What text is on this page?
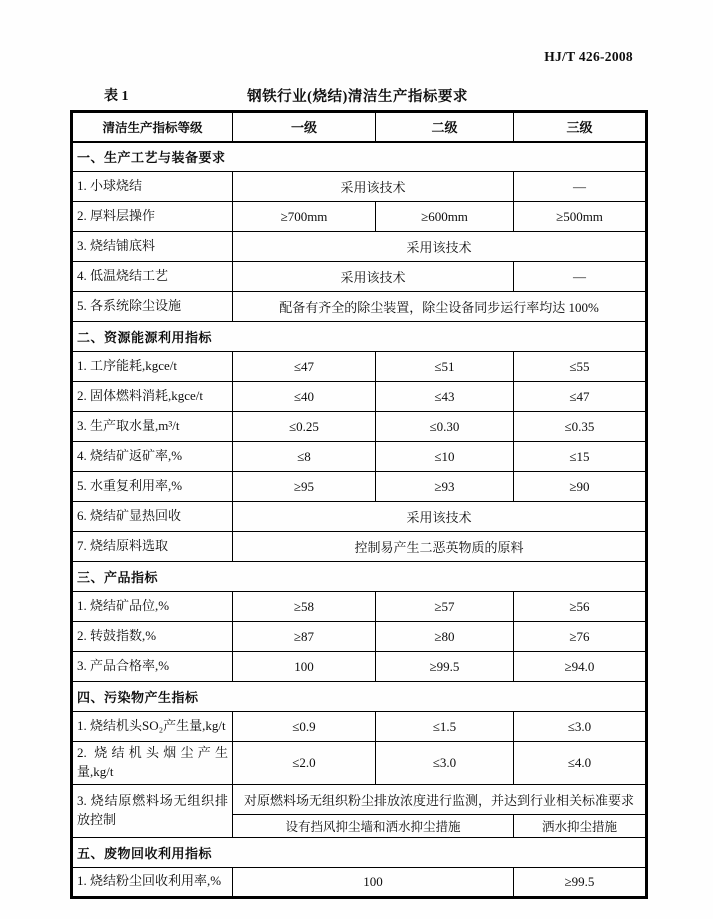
HJ/T 426-2008
表 1	钢铁行业(烧结)清洁生产指标要求
清洁生产指标等级	一级	二级	三级
一、生产工艺与装备要求			
1. 小球烧结	采用该技术		—
2. 厚料层操作	≥700mm	≥600mm	≥500mm
3. 烧结铺底料	采用该技术		
4. 低温烧结工艺	采用该技术		—
5. 各系统除尘设施	配备有齐全的除尘装置，除尘设备同步运行率均达 100%		
二、资源能源利用指标			
1. 工序能耗,kgce/t	≤47	≤51	≤55
2. 固体燃料消耗,kgce/t	≤40	≤43	≤47
3. 生产取水量,m³/t	≤0.25	≤0.30	≤0.35
4. 烧结矿返矿率,%	≤8	≤10	≤15
5. 水重复利用率,%	≥95	≥93	≥90
6. 烧结矿显热回收	采用该技术		
7. 烧结原料选取	控制易产生二恶英物质的原料		
三、产品指标			
1. 烧结矿品位,%	≥58	≥57	≥56
2. 转鼓指数,%	≥87	≥80	≥76
3. 产品合格率,%	100	≥99.5	≥94.0
四、污染物产生指标			
1. 烧结机头SO₂产生量,kg/t	≤0.9	≤1.5	≤3.0
2. 烧结机头烟尘产生量,kg/t	≤2.0	≤3.0	≤4.0
3. 烧结原燃料场无组织排放控制	对原燃料场无组织粉尘排放浓度进行监测，并达到行业相关标准要求		
	设有挡风抑尘墙和洒水抑尘措施		洒水抑尘措施
五、废物回收利用指标			
1. 烧结粉尘回收利用率,%	100		≥99.5
